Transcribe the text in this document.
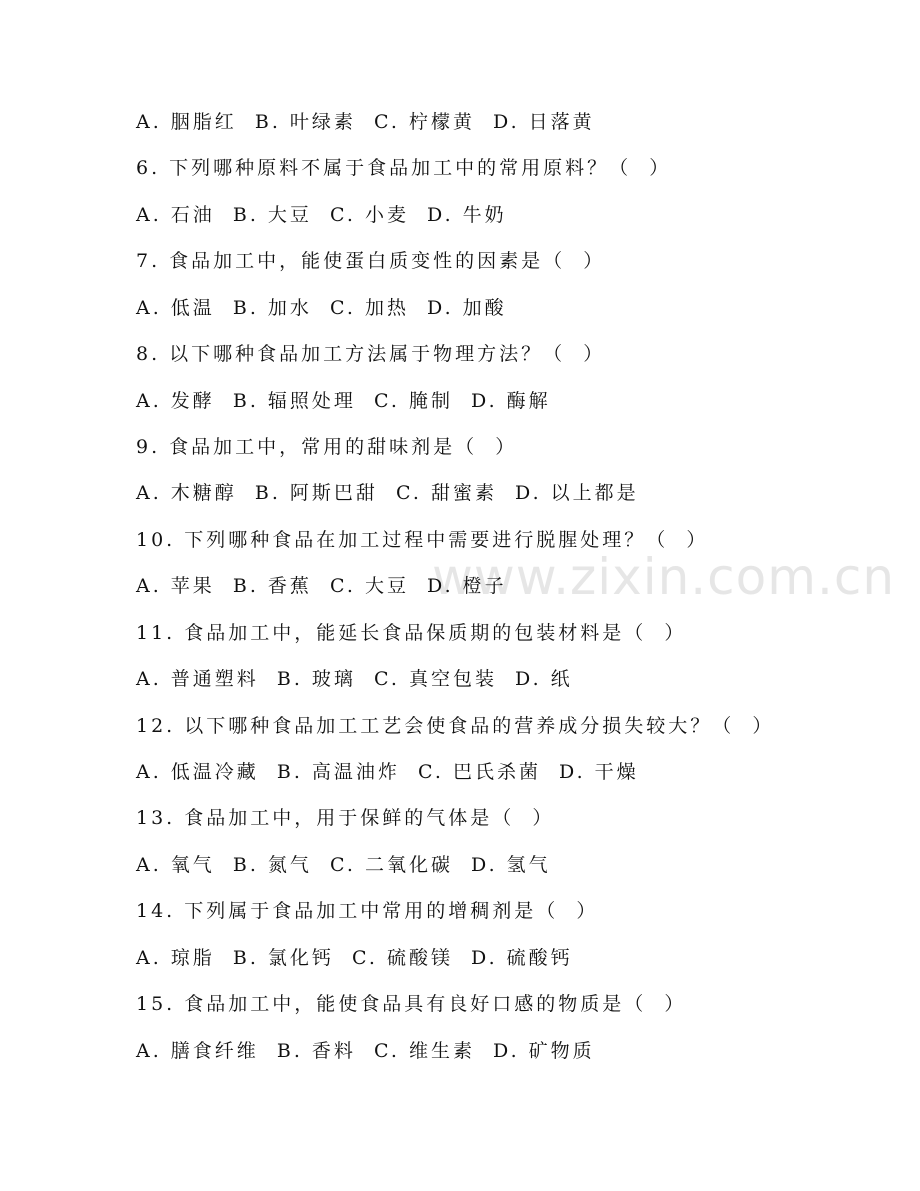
www.zixin.com.cn
A. 胭脂红  B. 叶绿素  C. 柠檬黄  D. 日落黄
6. 下列哪种原料不属于食品加工中的常用原料？（  ）
A. 石油  B. 大豆  C. 小麦  D. 牛奶
7. 食品加工中，能使蛋白质变性的因素是（  ）
A. 低温  B. 加水  C. 加热  D. 加酸
8. 以下哪种食品加工方法属于物理方法？（  ）
A. 发酵  B. 辐照处理  C. 腌制  D. 酶解
9. 食品加工中，常用的甜味剂是（  ）
A. 木糖醇  B. 阿斯巴甜  C. 甜蜜素  D. 以上都是
10. 下列哪种食品在加工过程中需要进行脱腥处理？（  ）
A. 苹果  B. 香蕉  C. 大豆  D. 橙子
11. 食品加工中，能延长食品保质期的包装材料是（  ）
A. 普通塑料  B. 玻璃  C. 真空包装  D. 纸
12. 以下哪种食品加工工艺会使食品的营养成分损失较大？（  ）
A. 低温冷藏  B. 高温油炸  C. 巴氏杀菌  D. 干燥
13. 食品加工中，用于保鲜的气体是（  ）
A. 氧气  B. 氮气  C. 二氧化碳  D. 氢气
14. 下列属于食品加工中常用的增稠剂是（  ）
A. 琼脂  B. 氯化钙  C. 硫酸镁  D. 硫酸钙
15. 食品加工中，能使食品具有良好口感的物质是（  ）
A. 膳食纤维  B. 香料  C. 维生素  D. 矿物质
